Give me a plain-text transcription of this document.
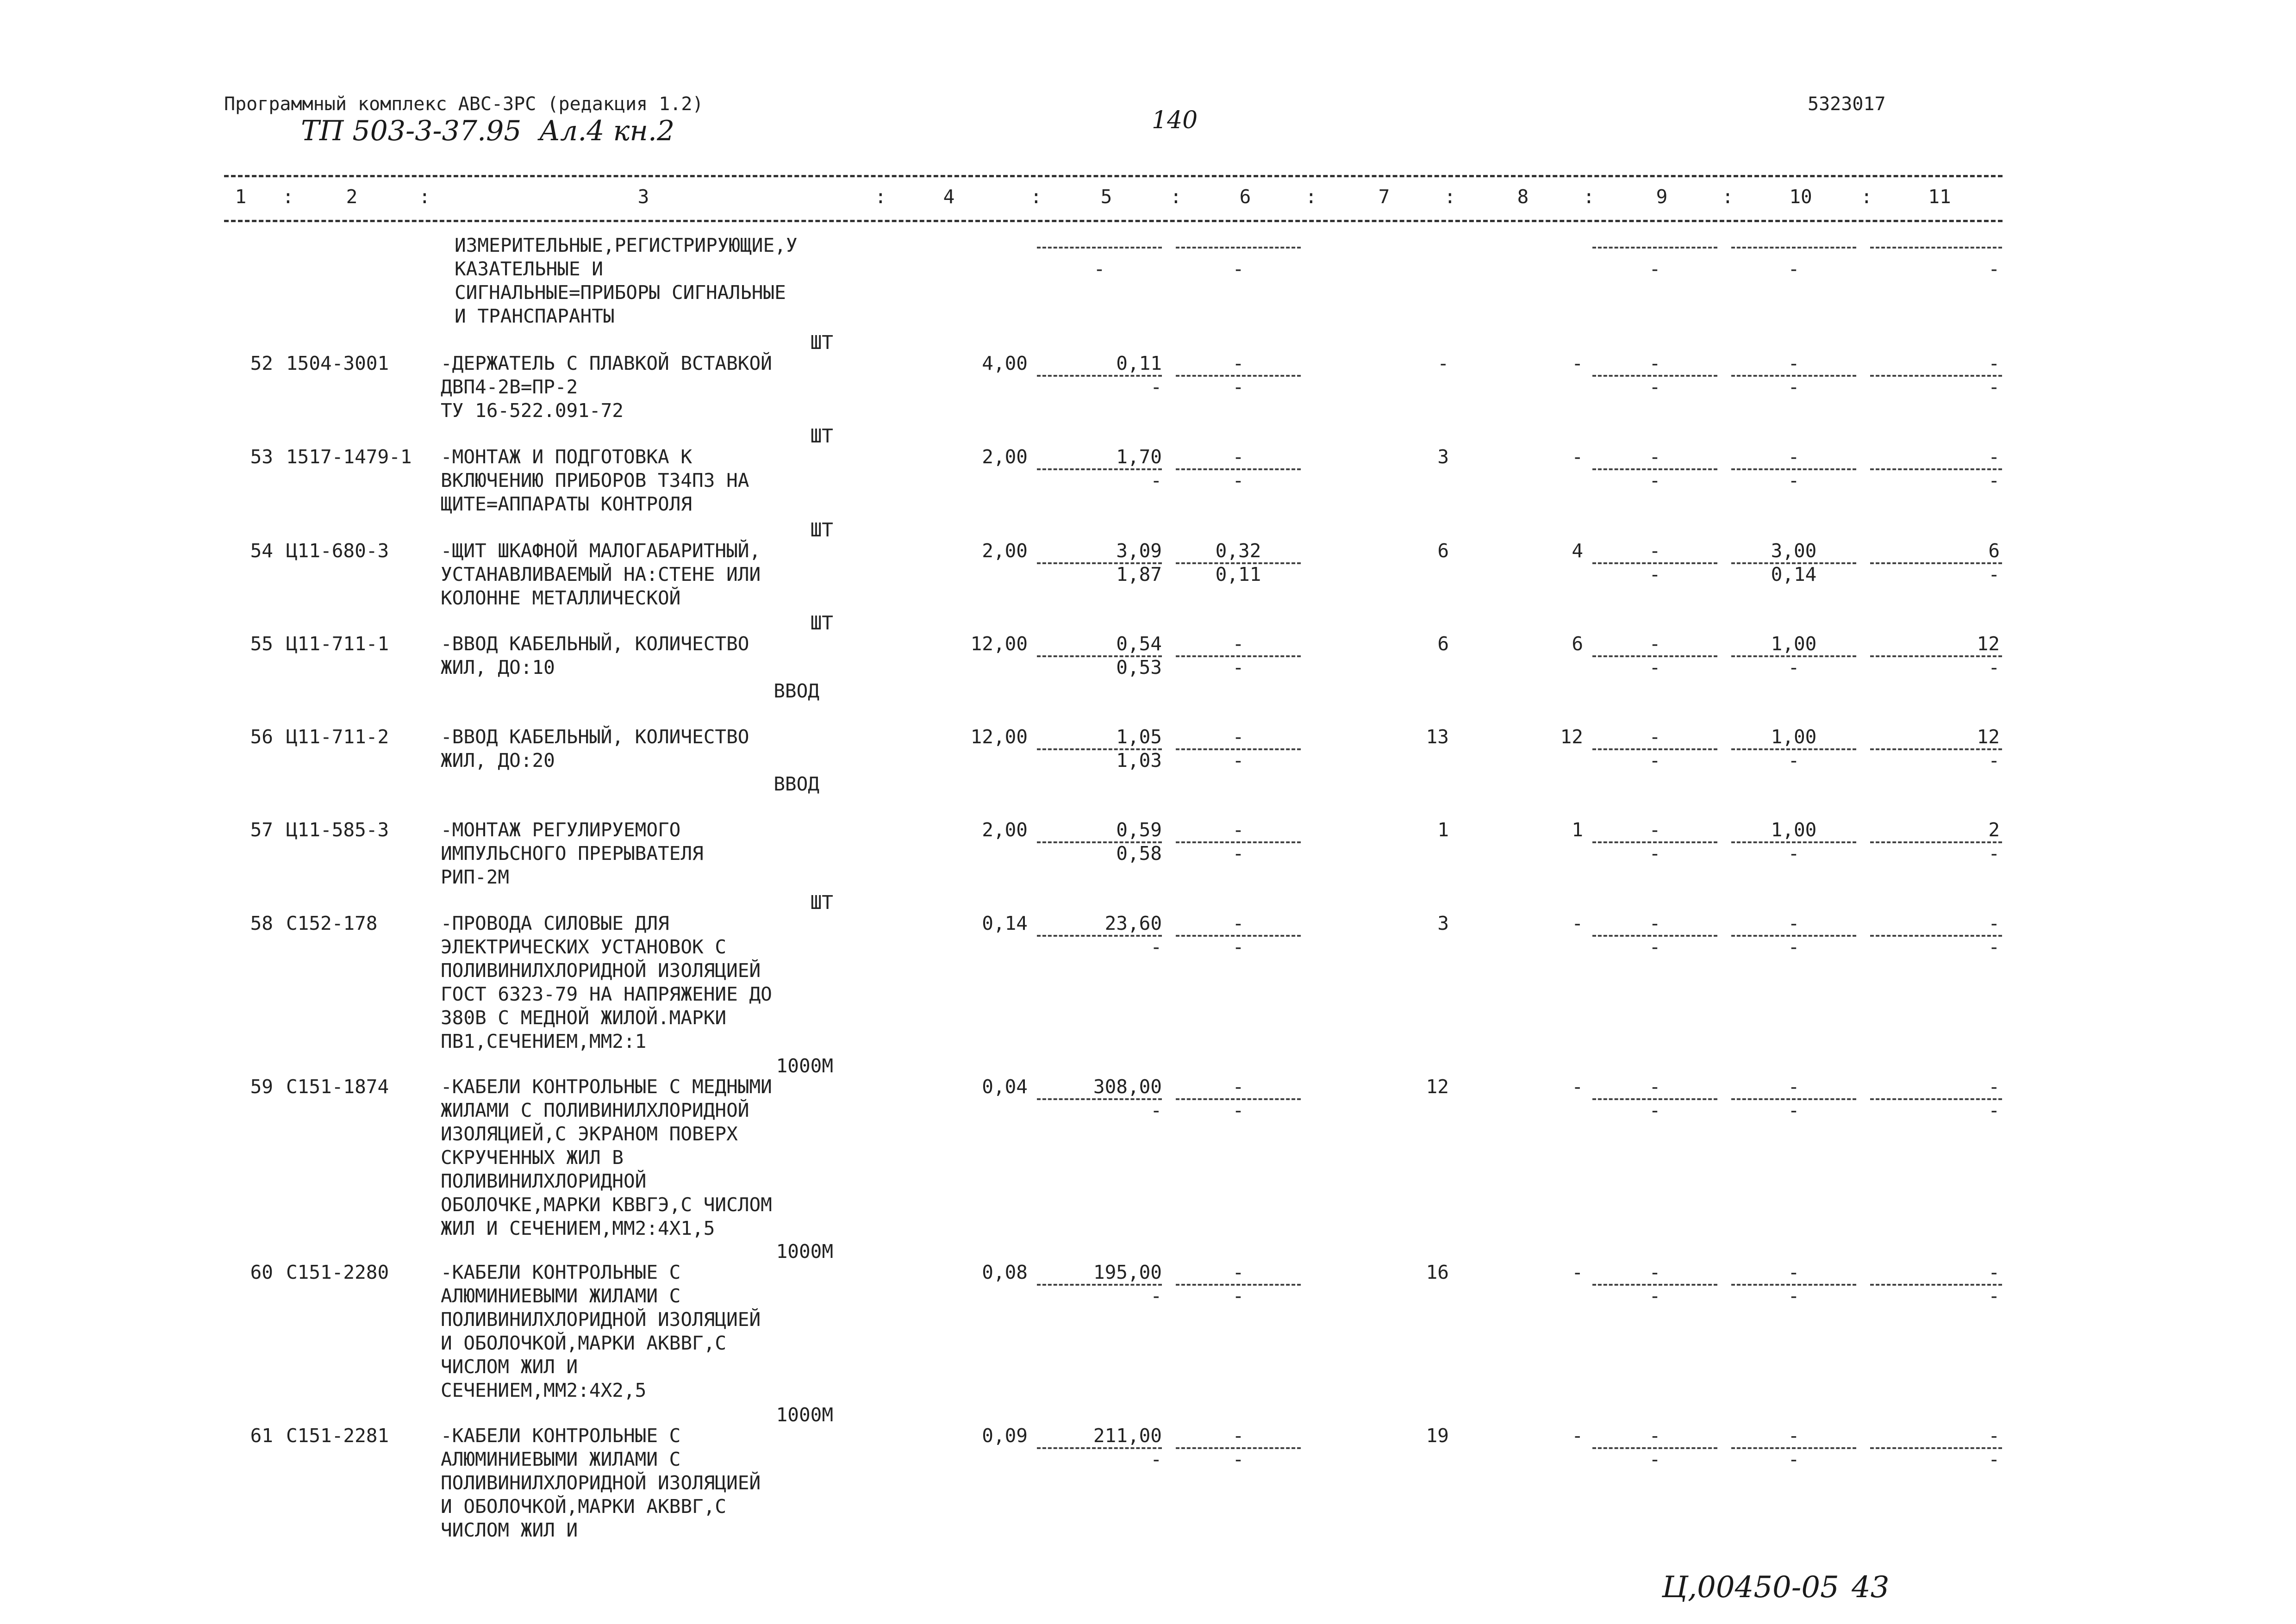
Программный комплекс АВС-3РС (редакция 1.2)	5323017
ТП 503-3-37.95  Ал.4 кн.2	140
1	2	3	4	5	6	7	8	9	10	11
:	:	:	:	:	:	:	:	:	:
ИЗМЕРИТЕЛЬНЫЕ,РЕГИСТРИРУЮЩИЕ,У
КАЗАТЕЛЬНЫЕ И
СИГНАЛЬНЫЕ=ПРИБОРЫ СИГНАЛЬНЫЕ
И ТРАНСПАРАНТЫ
-	-	-	-	-
ШТ
52 1504-3001	-ДЕРЖАТЕЛЬ С ПЛАВКОЙ ВСТАВКОЙ
ДВП4-2В=ПР-2
ТУ 16-522.091-72
4,00	0,11	-	-	-	-	-	-
-	-	-	-	-
ШТ
53 1517-1479-1 -МОНТАЖ И ПОДГОТОВКА К
ВКЛЮЧЕНИЮ ПРИБОРОВ Т34П3 НА
ЩИТЕ=АППАРАТЫ КОНТРОЛЯ
2,00	1,70	-	3	-	-	-	-
-	-	-	-	-
ШТ
54 Ц11-680-3	-ЩИТ ШКАФНОЙ МАЛОГАБАРИТНЫЙ,
УСТАНАВЛИВАЕМЫЙ НА:СТЕНЕ ИЛИ
КОЛОННЕ МЕТАЛЛИЧЕСКОЙ
2,00	3,09	0,32	6	4	-	3,00	6
1,87	0,11	-	0,14	-
ШТ
55 Ц11-711-1	-ВВОД КАБЕЛЬНЫЙ, КОЛИЧЕСТВО
ЖИЛ, ДО:10
ВВОД
12,00	0,54	-	6	6	-	1,00	12
0,53	-	-	-	-
56 Ц11-711-2	-ВВОД КАБЕЛЬНЫЙ, КОЛИЧЕСТВО
ЖИЛ, ДО:20
ВВОД
12,00	1,05	-	13	12	-	1,00	12
1,03	-	-	-	-
57 Ц11-585-3	-МОНТАЖ РЕГУЛИРУЕМОГО
ИМПУЛЬСНОГО ПРЕРЫВАТЕЛЯ
РИП-2М
2,00	0,59	-	1	1	-	1,00	2
0,58	-	-	-	-
ШТ
58 С152-178	-ПРОВОДА СИЛОВЫЕ ДЛЯ
ЭЛЕКТРИЧЕСКИХ УСТАНОВОК С
ПОЛИВИНИЛХЛОРИДНОЙ ИЗОЛЯЦИЕЙ
ГОСТ 6323-79 НА НАПРЯЖЕНИЕ ДО
380В С МЕДНОЙ ЖИЛОЙ.МАРКИ
ПВ1,СЕЧЕНИЕМ,ММ2:1
0,14	23,60	-	3	-	-	-	-
-	-	-	-	-
1000М
59 С151-1874	-КАБЕЛИ КОНТРОЛЬНЫЕ С МЕДНЫМИ
ЖИЛАМИ С ПОЛИВИНИЛХЛОРИДНОЙ
ИЗОЛЯЦИЕЙ,С ЭКРАНОМ ПОВЕРХ
СКРУЧЕННЫХ ЖИЛ В
ПОЛИВИНИЛХЛОРИДНОЙ
ОБОЛОЧКЕ,МАРКИ КВВГЭ,С ЧИСЛОМ
ЖИЛ И СЕЧЕНИЕМ,ММ2:4Х1,5
0,04	308,00	-	12	-	-	-	-
-	-	-	-	-
1000М
60 С151-2280	-КАБЕЛИ КОНТРОЛЬНЫЕ С
АЛЮМИНИЕВЫМИ ЖИЛАМИ С
ПОЛИВИНИЛХЛОРИДНОЙ ИЗОЛЯЦИЕЙ
И ОБОЛОЧКОЙ,МАРКИ АКВВГ,С
ЧИСЛОМ ЖИЛ И
СЕЧЕНИЕМ,ММ2:4Х2,5
0,08	195,00	-	16	-	-	-	-
-	-	-	-	-
1000М
61 С151-2281	-КАБЕЛИ КОНТРОЛЬНЫЕ С
АЛЮМИНИЕВЫМИ ЖИЛАМИ С
ПОЛИВИНИЛХЛОРИДНОЙ ИЗОЛЯЦИЕЙ
И ОБОЛОЧКОЙ,МАРКИ АКВВГ,С
ЧИСЛОМ ЖИЛ И
0,09	211,00	-	19	-	-	-	-
-	-	-	-	-
Ц,00450-05 43
